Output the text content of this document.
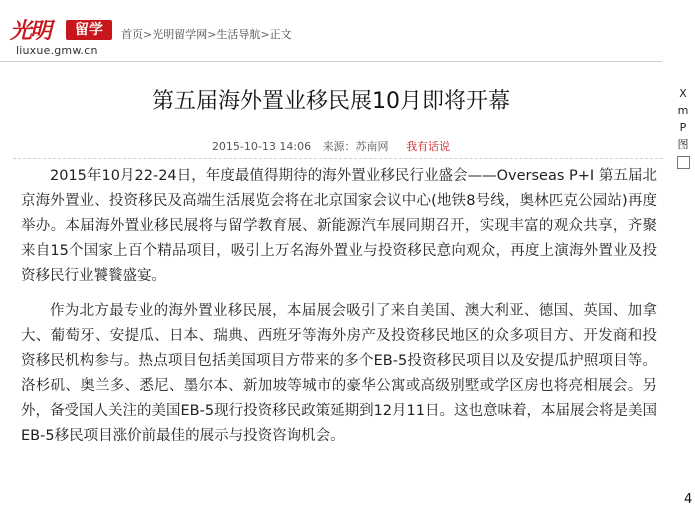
光明	留学
liuxue.gmw.cn
首页>光明留学网>生活导航>正文
X
m
P
图
第五届海外置业移民展10月即将开幕
2015-10-13 14:06 来源：苏南网 我有话说

2015年10月22-24日，年度最值得期待的海外置业移民行业盛会——Overseas P+I 第五届北京海外置业、投资移民及高端生活展览会将在北京国家会议中心(地铁8号线，奥林匹克公园站)再度举办。本届海外置业移民展将与留学教育展、新能源汽车展同期召开，实现丰富的观众共享，齐聚来自15个国家上百个精品项目，吸引上万名海外置业与投资移民意向观众，再度上演海外置业及投资移民行业饕餮盛宴。

作为北方最专业的海外置业移民展，本届展会吸引了来自美国、澳大利亚、德国、英国、加拿大、葡萄牙、安提瓜、日本、瑞典、西班牙等海外房产及投资移民地区的众多项目方、开发商和投资移民机构参与。热点项目包括美国项目方带来的多个EB-5投资移民项目以及安提瓜护照项目等。洛杉矶、奥兰多、悉尼、墨尔本、新加坡等城市的豪华公寓或高级别墅或学区房也将亮相展会。另外，备受国人关注的美国EB-5现行投资移民政策延期到12月11日。这也意味着，本届展会将是美国EB-5移民项目涨价前最佳的展示与投资咨询机会。

4
